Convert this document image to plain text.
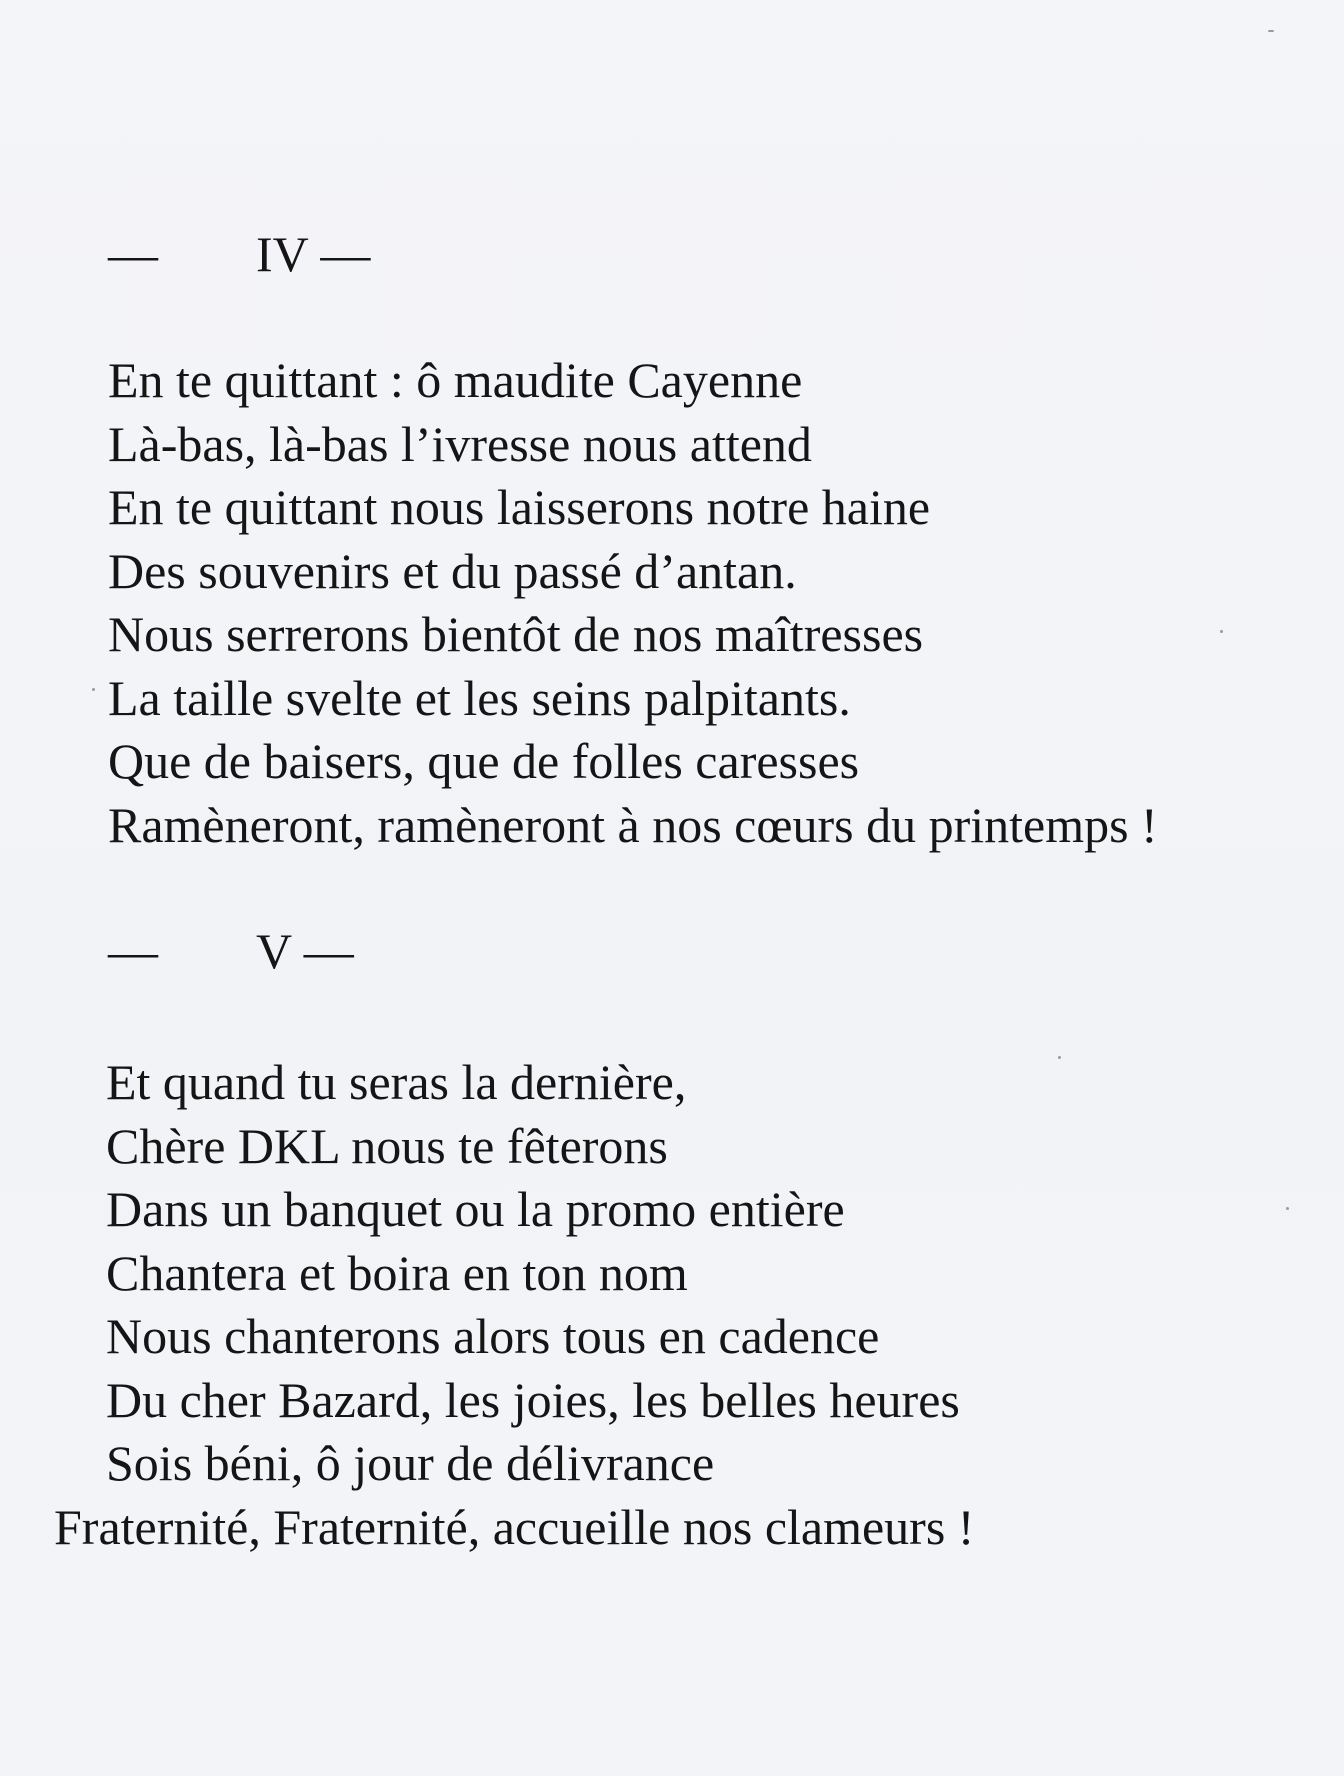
— IV —
En te quittant : ô maudite Cayenne
Là-bas, là-bas l’ivresse nous attend
En te quittant nous laisserons notre haine
Des souvenirs et du passé d’antan.
Nous serrerons bientôt de nos maîtresses
La taille svelte et les seins palpitants.
Que de baisers, que de folles caresses
Ramèneront, ramèneront à nos cœurs du printemps !
— V —
Et quand tu seras la dernière,
Chère DKL nous te fêterons
Dans un banquet ou la promo entière
Chantera et boira en ton nom
Nous chanterons alors tous en cadence
Du cher Bazard, les joies, les belles heures
Sois béni, ô jour de délivrance
Fraternité, Fraternité, accueille nos clameurs !
